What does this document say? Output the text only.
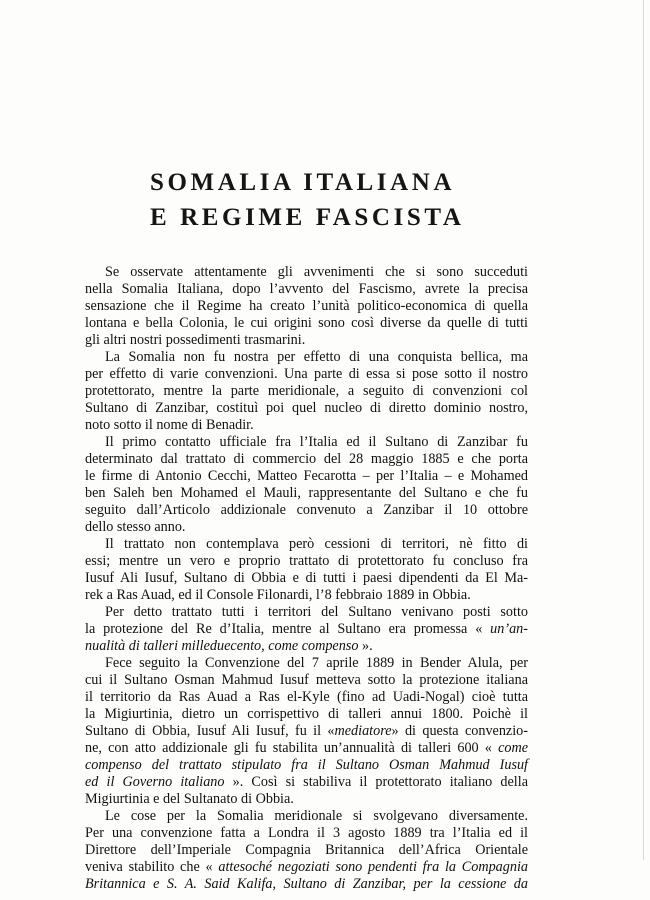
SOMALIA ITALIANA
E REGIME FASCISTA
Se osservate attentamente gli avvenimenti che si sono succeduti
nella Somalia Italiana, dopo l’avvento del Fascismo, avrete la precisa
sensazione che il Regime ha creato l’unità politico-economica di quella
lontana e bella Colonia, le cui origini sono così diverse da quelle di tutti
gli altri nostri possedimenti trasmarini.
La Somalia non fu nostra per effetto di una conquista bellica, ma
per effetto di varie convenzioni. Una parte di essa si pose sotto il nostro
protettorato, mentre la parte meridionale, a seguito di convenzioni col
Sultano di Zanzibar, costituì poi quel nucleo di diretto dominio nostro,
noto sotto il nome di Benadir.
Il primo contatto ufficiale fra l’Italia ed il Sultano di Zanzibar fu
determinato dal trattato di commercio del 28 maggio 1885 e che porta
le firme di Antonio Cecchi, Matteo Fecarotta – per l’Italia – e Mohamed
ben Saleh ben Mohamed el Mauli, rappresentante del Sultano e che fu
seguito dall’Articolo addizionale convenuto a Zanzibar il 10 ottobre
dello stesso anno.
Il trattato non contemplava però cessioni di territori, nè fitto di
essi; mentre un vero e proprio trattato di protettorato fu concluso fra
Iusuf Ali Iusuf, Sultano di Obbia e di tutti i paesi dipendenti da El Ma-
rek a Ras Auad, ed il Console Filonardi, l’8 febbraio 1889 in Obbia.
Per detto trattato tutti i territori del Sultano venivano posti sotto
la protezione del Re d’Italia, mentre al Sultano era promessa « un’an-
nualità di talleri milleduecento, come compenso ».
Fece seguito la Convenzione del 7 aprile 1889 in Bender Alula, per
cui il Sultano Osman Mahmud Iusuf metteva sotto la protezione italiana
il territorio da Ras Auad a Ras el-Kyle (fino ad Uadi-Nogal) cioè tutta
la Migiurtinia, dietro un corrispettivo di talleri annui 1800. Poichè il
Sultano di Obbia, Iusuf Ali Iusuf, fu il «mediatore» di questa convenzio-
ne, con atto addizionale gli fu stabilita un’annualità di talleri 600 « come
compenso del trattato stipulato fra il Sultano Osman Mahmud Iusuf
ed il Governo italiano ». Così si stabiliva il protettorato italiano della
Migiurtinia e del Sultanato di Obbia.
Le cose per la Somalia meridionale si svolgevano diversamente.
Per una convenzione fatta a Londra il 3 agosto 1889 tra l’Italia ed il
Direttore dell’Imperiale Compagnia Britannica dell’Africa Orientale
veniva stabilito che « attesoché negoziati sono pendenti fra la Compagnia
Britannica e S. A. Said Kalifa, Sultano di Zanzibar, per la cessione da
